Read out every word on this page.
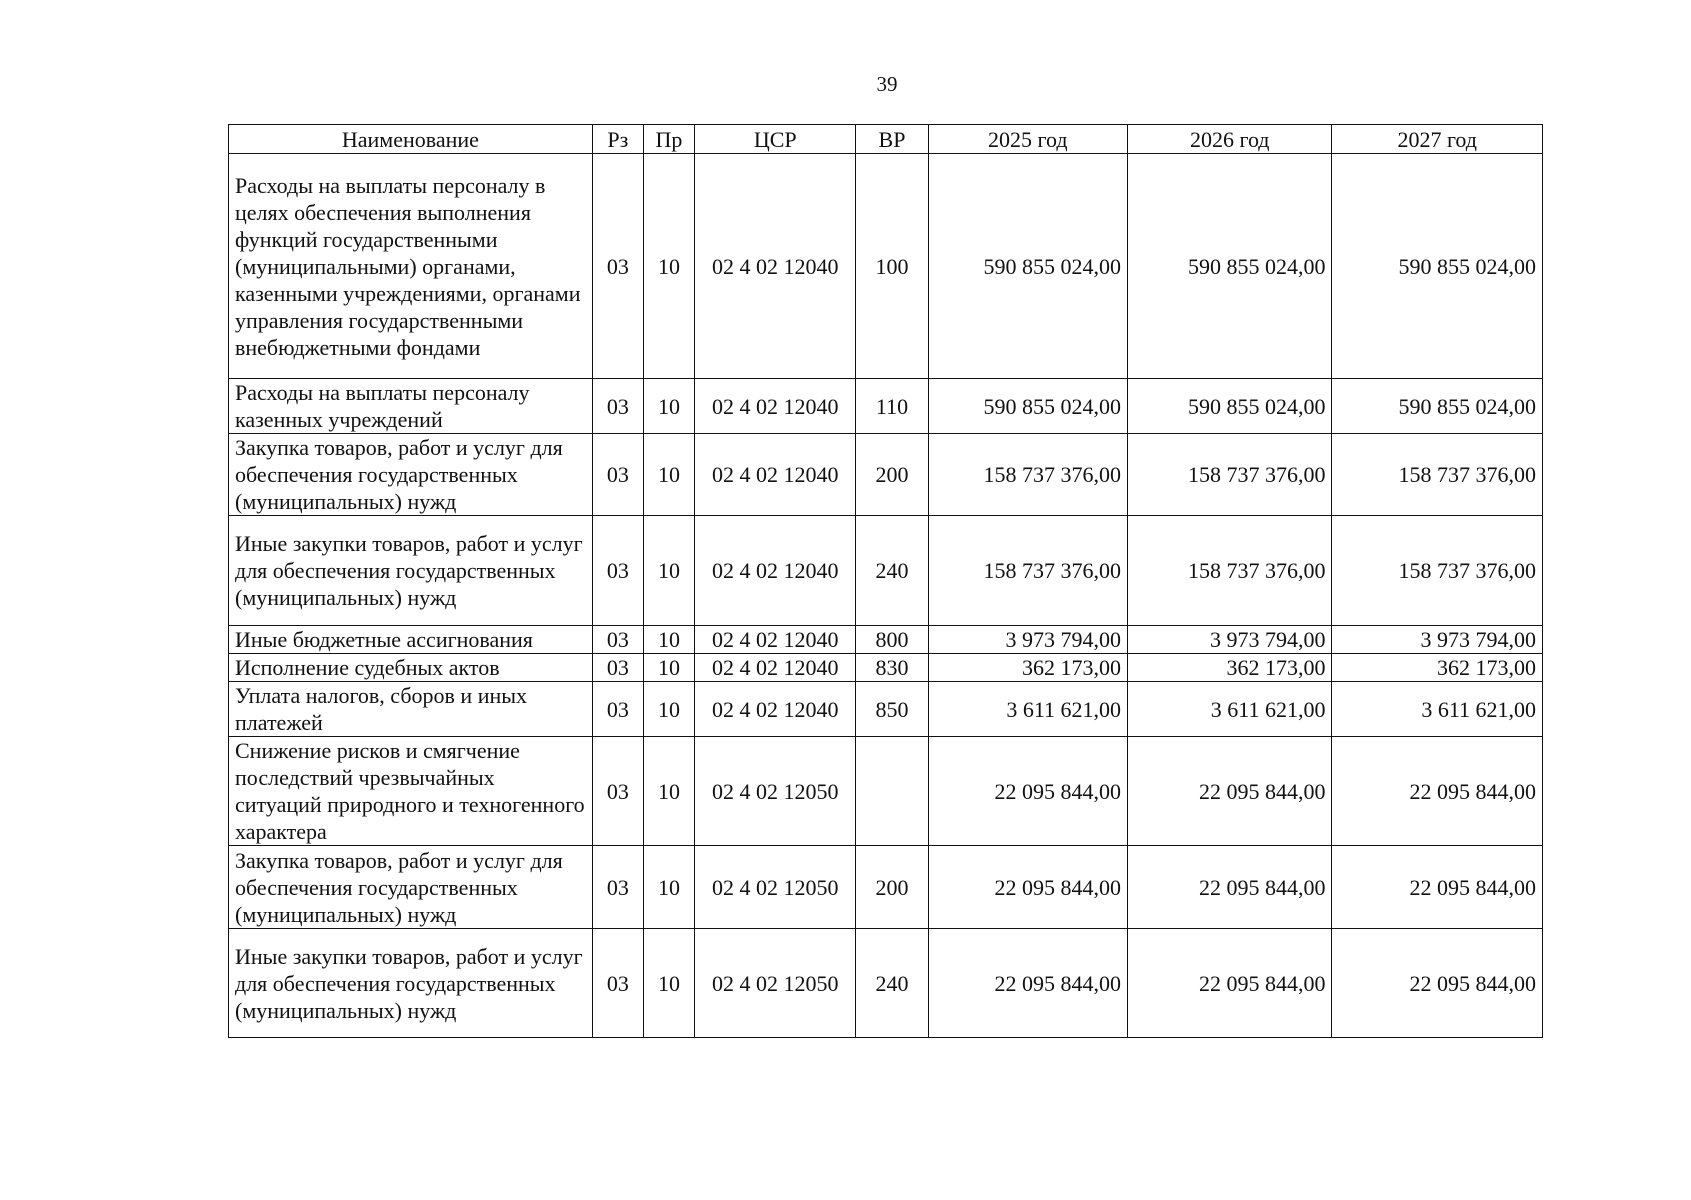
39
Наименование	Рз	Пр	ЦСР	ВР	2025 год	2026 год	2027 год
Расходы на выплаты персоналу в целях обеспечения выполнения функций государственными (муниципальными) органами, казенными учреждениями, органами управления государственными внебюджетными фондами	03	10	02 4 02 12040	100	590 855 024,00	590 855 024,00	590 855 024,00
Расходы на выплаты персоналу казенных учреждений	03	10	02 4 02 12040	110	590 855 024,00	590 855 024,00	590 855 024,00
Закупка товаров, работ и услуг для обеспечения государственных (муниципальных) нужд	03	10	02 4 02 12040	200	158 737 376,00	158 737 376,00	158 737 376,00
Иные закупки товаров, работ и услуг для обеспечения государственных (муниципальных) нужд	03	10	02 4 02 12040	240	158 737 376,00	158 737 376,00	158 737 376,00
Иные бюджетные ассигнования	03	10	02 4 02 12040	800	3 973 794,00	3 973 794,00	3 973 794,00
Исполнение судебных актов	03	10	02 4 02 12040	830	362 173,00	362 173,00	362 173,00
Уплата налогов, сборов и иных платежей	03	10	02 4 02 12040	850	3 611 621,00	3 611 621,00	3 611 621,00
Снижение рисков и смягчение последствий чрезвычайных ситуаций природного и техногенного характера	03	10	02 4 02 12050		22 095 844,00	22 095 844,00	22 095 844,00
Закупка товаров, работ и услуг для обеспечения государственных (муниципальных) нужд	03	10	02 4 02 12050	200	22 095 844,00	22 095 844,00	22 095 844,00
Иные закупки товаров, работ и услуг для обеспечения государственных (муниципальных) нужд	03	10	02 4 02 12050	240	22 095 844,00	22 095 844,00	22 095 844,00
